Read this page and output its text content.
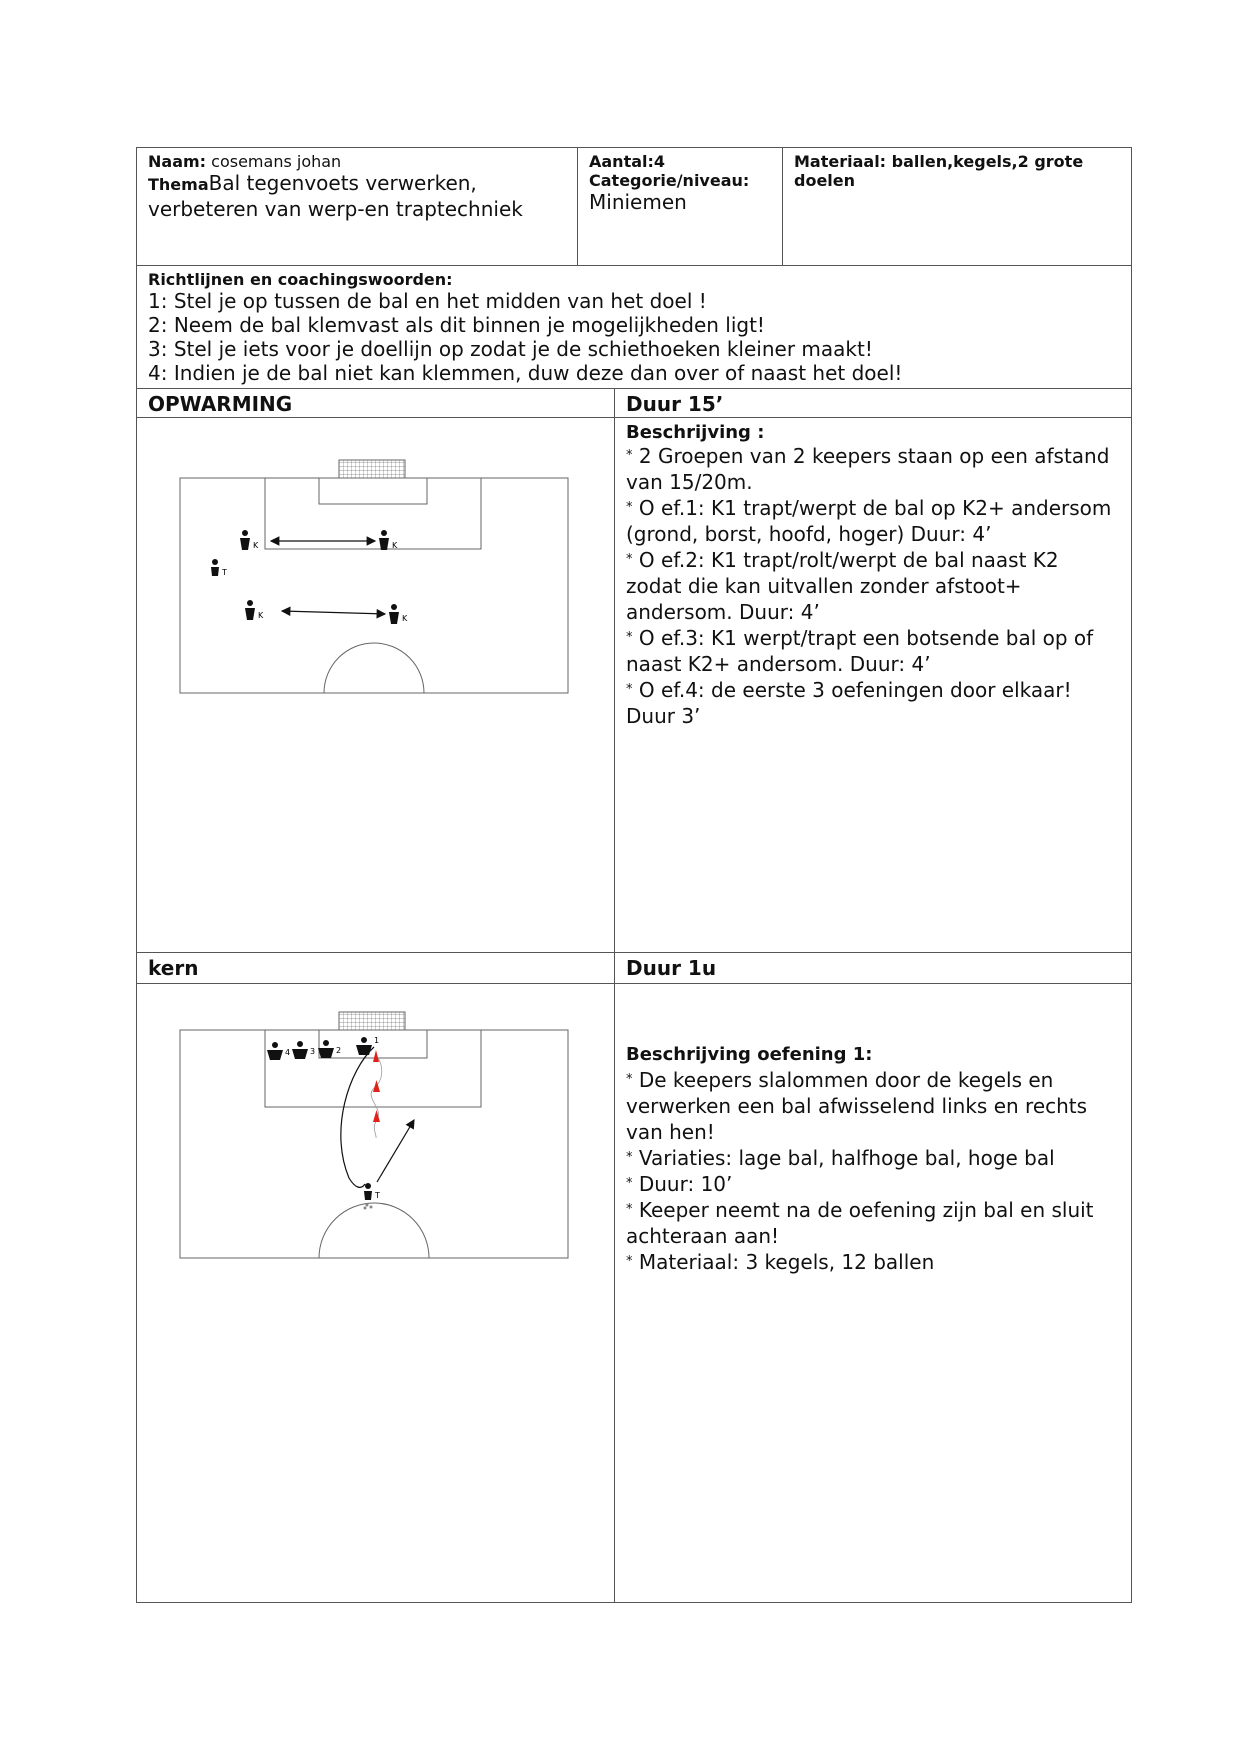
Naam: cosemans johan
ThemaBal tegenvoets verwerken, verbeteren van werp-en traptechniek
Aantal:4
Categorie/niveau:
Miniemen
Materiaal: ballen,kegels,2 grote doelen
Richtlijnen en coachingswoorden:
1: Stel je op tussen de bal en het midden van het doel !
2: Neem de bal klemvast als dit binnen je mogelijkheden ligt!
3: Stel je iets voor je doellijn op zodat je de schiethoeken kleiner maakt!
4: Indien je de bal niet kan klemmen, duw deze dan over of naast het doel!
OPWARMING	Duur 15’
K	K
K	K
T
Beschrijving :

* 2 Groepen van 2 keepers staan op een afstand van 15/20m.

* O ef.1: K1 trapt/werpt de bal op K2+ andersom

(grond, borst, hoofd, hoger) Duur: 4’

* O ef.2: K1 trapt/rolt/werpt de bal naast K2 zodat die kan uitvallen zonder afstoot+ andersom. Duur: 4’

* O ef.3: K1 werpt/trapt een botsende bal op of naast K2+ andersom. Duur: 4’

* O ef.4: de eerste 3 oefeningen door elkaar! Duur 3’

kern	Duur 1u
4 3	2
1
T
Beschrijving oefening 1:

* De keepers slalommen door de kegels en verwerken een bal afwisselend links en rechts van hen!

* Variaties: lage bal, halfhoge bal, hoge bal

* Duur: 10’

* Keeper neemt na de oefening zijn bal en sluit achteraan aan!

* Materiaal: 3 kegels, 12 ballen
